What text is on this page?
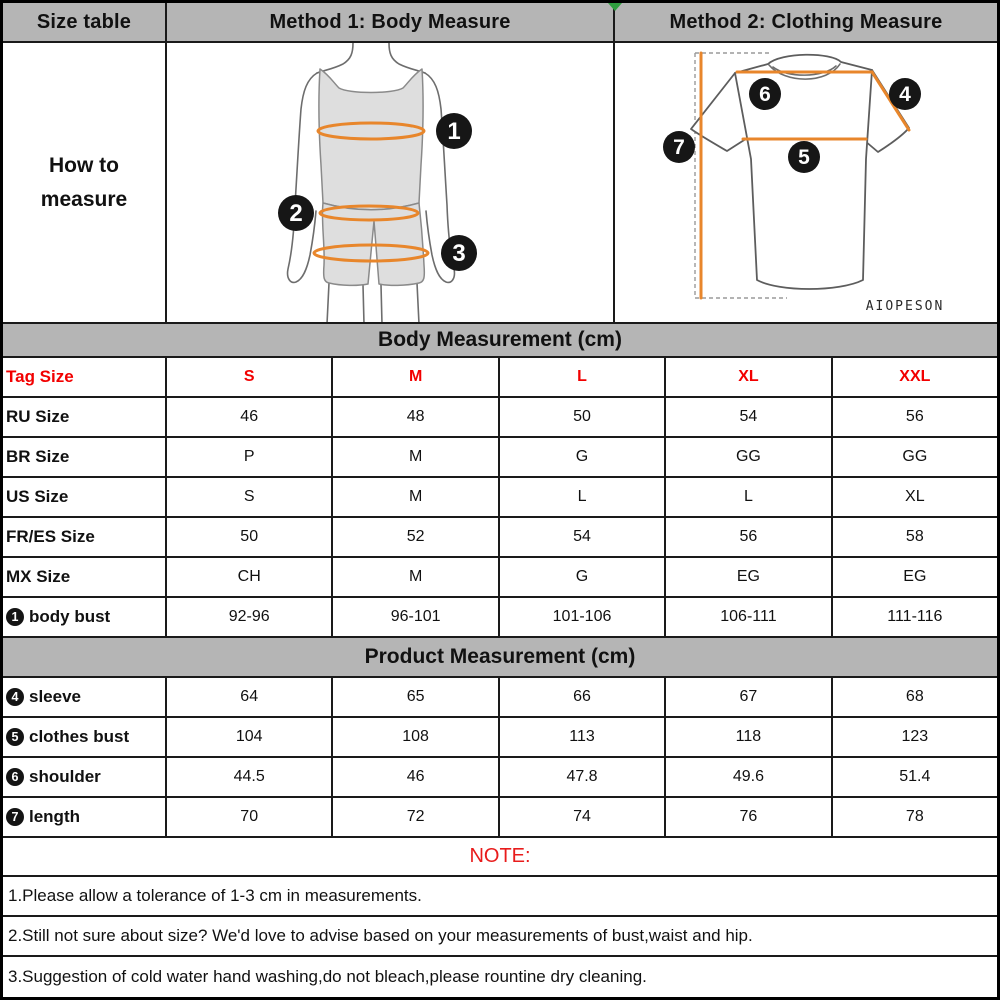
Size table	Method 1: Body Measure	Method 2: Clothing Measure
How to
measure
1
2
3
6	4
5
7
AIOPESON
Body Measurement (cm)
Tag Size	S	M	L	XL	XXL
RU Size	46	48	50	54	56
BR Size	P	M	G	GG	GG
US Size	S	M	L	L	XL
FR/ES Size	50	52	54	56	58
MX Size	CH	M	G	EG	EG
1 body bust	92-96	96-101	101-106	106-111	111-116
Product Measurement (cm)
4 sleeve	64	65	66	67	68
5 clothes bust	104	108	113	118	123
6 shoulder	44.5	46	47.8	49.6	51.4
7 length	70	72	74	76	78
NOTE:
1.Please allow a tolerance of 1-3 cm in measurements.
2.Still not sure about size? We'd love to advise based on your measurements of bust,waist and hip.
3.Suggestion of cold water hand washing,do not bleach,please rountine dry cleaning.
